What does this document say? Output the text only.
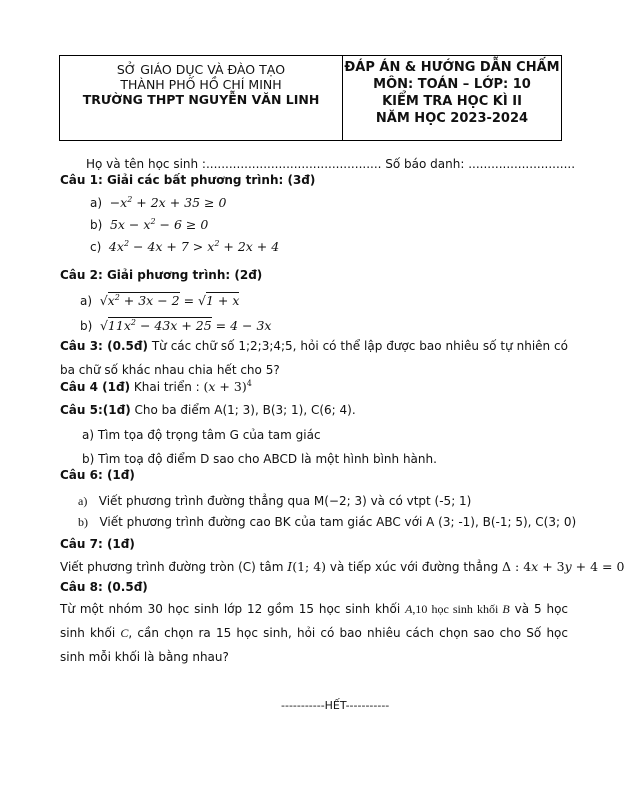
SỞ GIÁO DỤC VÀ ĐÀO TẠO
THÀNH PHỐ HỒ CHÍ MINH
TRƯỜNG THPT NGUYỄN VĂN LINH
ĐÁP ÁN & HƯỚNG DẪN CHẤM
MÔN: TOÁN – LỚP: 10
KIỂM TRA HỌC KÌ II
NĂM HỌC 2023-2024
Họ và tên học sinh :.............................................. Số báo danh: ............................
Câu 1: Giải các bất phương trình: (3đ)
$a) -x^2 + 2x + 35 \ge 0$
b) $5x - x^2 - 6 \ge 0$
c) $4x^2 - 4x + 7 > x^2 + 2x + 4$
Câu 2: Giải phương trình: (2đ)
a) $√x^2 + 3x - 2 = √1 + x$
b) $√11x^2 - 43x + 25 = 4 - 3x$
Câu 3: (0.5đ) Từ các chữ số 1;2;3;4;5, hỏi có thể lập được bao nhiêu số tự nhiên có ba chữ số khác nhau chia hết cho 5?
Câu 4 (1đ) Khai triển : $(x + 3)^4$
Câu 5:(1đ) Cho ba điểm A(1; 3), B(3; 1), C(6; 4).
a) Tìm tọa độ trọng tâm G của tam giác
b) Tìm toạ độ điểm D sao cho ABCD là một hình bình hành.
Câu 6: (1đ)
a) Viết phương trình đường thẳng qua M(−2; 3) và có vtpt (-5; 1)
b) Viết phương trình đường cao BK của tam giác ABC với A (3; -1), B(-1; 5), C(3; 0)
Câu 7: (1đ)
Viết phương trình đường tròn (C) tâm I(1; 4) và tiếp xúc với đường thẳng Δ : 4x + 3y + 4 = 0
Câu 8: (0.5đ)
Từ một nhóm 30 học sinh lớp 12 gồm 15 học sinh khối A,10 học sinh khối B và 5 học sinh khối C, cần chọn ra 15 học sinh, hỏi có bao nhiêu cách chọn sao cho Số học sinh mỗi khối là bằng nhau?
-----------HẾT-----------
